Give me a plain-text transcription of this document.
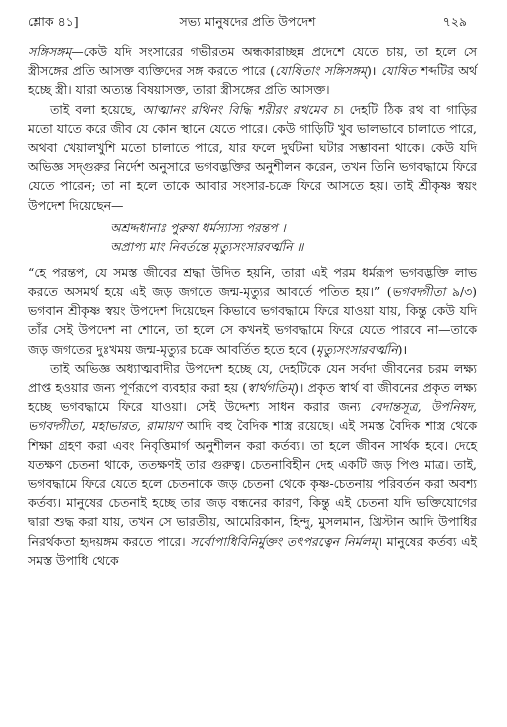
শ্লোক ৪১]	সভ্য মানুষদের প্রতি উপদেশ	৭২৯

সঙ্গিসঙ্গম্‌—কেউ যদি সংসারের গভীরতম অন্ধকারাচ্ছন্ন প্রদেশে যেতে চায়, তা হলে সে স্ত্রীসঙ্গের প্রতি আসক্ত ব্যক্তিদের সঙ্গ করতে পারে (যোষিতাং সঙ্গিসঙ্গম্‌)। যোষিত শব্দটির অর্থ হচ্ছে স্ত্রী। যারা অত্যন্ত বিষয়াসক্ত, তারা স্ত্রীসঙ্গের প্রতি আসক্ত।

তাই বলা হয়েছে, আত্মানং রথিনং বিদ্ধি শরীরং রথমেব চ। দেহটি ঠিক রথ বা গাড়ির মতো যাতে করে জীব যে কোন স্থানে যেতে পারে। কেউ গাড়িটি খুব ভালভাবে চালাতে পারে, অথবা খেয়ালখুশি মতো চালাতে পারে, যার ফলে দুর্ঘটনা ঘটার সম্ভাবনা থাকে। কেউ যদি অভিজ্ঞ সদ্গুরুর নির্দেশ অনুসারে ভগবদ্ভক্তির অনুশীলন করেন, তখন তিনি ভগবদ্ধামে ফিরে যেতে পারেন; তা না হলে তাকে আবার সংসার-চক্রে ফিরে আসতে হয়। তাই শ্রীকৃষ্ণ স্বয়ং উপদেশ দিয়েছেন—

অশ্রদ্দধানাঃ পুরুষা ধর্মস্যাস্য পরন্তপ ।
অপ্রাপ্য মাং নিবর্তন্তে মৃত্যুসংসারবর্ত্মনি ॥

“হে পরন্তপ, যে সমস্ত জীবের শ্রদ্ধা উদিত হয়নি, তারা এই পরম ধর্মরূপ ভগবদ্ভক্তি লাভ করতে অসমর্থ হয়ে এই জড় জগতে জন্ম-মৃত্যুর আবর্তে পতিত হয়।” (ভগবদ্গীতা ৯/৩) ভগবান শ্রীকৃষ্ণ স্বয়ং উপদেশ দিয়েছেন কিভাবে ভগবদ্ধামে ফিরে যাওয়া যায়, কিন্তু কেউ যদি তাঁর সেই উপদেশ না শোনে, তা হলে সে কখনই ভগবদ্ধামে ফিরে যেতে পারবে না—তাকে জড় জগতের দুঃখময় জন্ম-মৃত্যুর চক্রে আবর্তিত হতে হবে (মৃত্যুসংসারবর্ত্মনি)।

তাই অভিজ্ঞ অধ্যাত্মবাদীর উপদেশ হচ্ছে যে, দেহটিকে যেন সর্বদা জীবনের চরম লক্ষ্য প্রাপ্ত হওয়ার জন্য পূর্ণরূপে ব্যবহার করা হয় (স্বার্থগতিম্‌)। প্রকৃত স্বার্থ বা জীবনের প্রকৃত লক্ষ্য হচ্ছে ভগবদ্ধামে ফিরে যাওয়া। সেই উদ্দেশ্য সাধন করার জন্য বেদান্তসূত্র, উপনিষদ, ভগবদ্গীতা, মহাভারত, রামায়ণ আদি বহু বৈদিক শাস্ত্র রয়েছে। এই সমস্ত বৈদিক শাস্ত্র থেকে শিক্ষা গ্রহণ করা এবং নিবৃত্তিমার্গ অনুশীলন করা কর্তব্য। তা হলে জীবন সার্থক হবে। দেহে যতক্ষণ চেতনা থাকে, ততক্ষণই তার গুরুত্ব। চেতনাবিহীন দেহ একটি জড় পিণ্ড মাত্র। তাই, ভগবদ্ধামে ফিরে যেতে হলে চেতনাকে জড় চেতনা থেকে কৃষ্ণ-চেতনায় পরিবর্তন করা অবশ্য কর্তব্য। মানুষের চেতনাই হচ্ছে তার জড় বন্ধনের কারণ, কিন্তু এই চেতনা যদি ভক্তিযোগের দ্বারা শুদ্ধ করা যায়, তখন সে ভারতীয়, আমেরিকান, হিন্দু, মুসলমান, খ্রিস্টান আদি উপাধির নিরর্থকতা হৃদয়ঙ্গম করতে পারে। সর্বোপাধিবিনির্মুক্তং তৎপরত্বেন নির্মলম্‌। মানুষের কর্তব্য এই সমস্ত উপাধি থেকে
